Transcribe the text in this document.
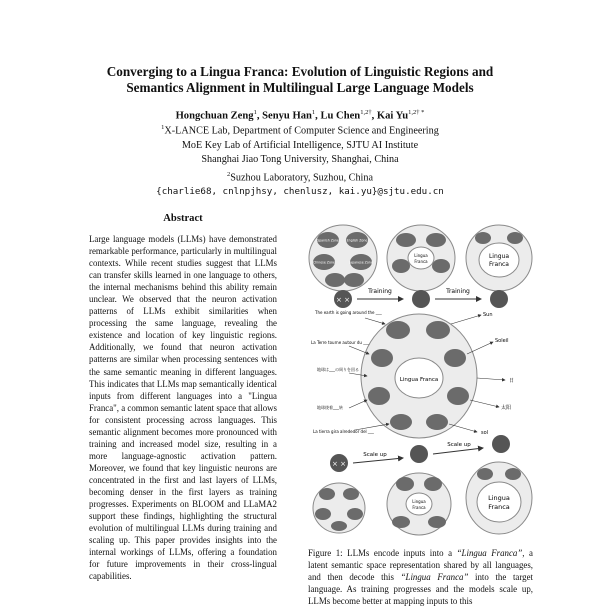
Converging to a Lingua Franca: Evolution of Linguistic Regions and
Semantics Alignment in Multilingual Large Language Models
Hongchuan Zeng$^1$, Senyu Han$^1$, Lu Chen$^{1,2\dagger}$, Kai $Yu^{1,2\dagger *}$
$^1$X-LANCE Lab, Department of Computer Science and Engineering
MoE Key Lab of Artificial Intelligence, SJTU AI Institute
Shanghai Jiao Tong University, Shanghai, China
$^2$Suzhou Laboratory, Suzhou, China
{charlie68, cnlnpjhsy, chenlusz, kai.yu}@sjtu.edu.cn
Abstract
Large language models (LLMs) have demonstrated remarkable performance, particularly in multilingual contexts. While recent studies suggest that LLMs can transfer skills learned in one language to others, the internal mechanisms behind this ability remain unclear. We observed that the neuron activation patterns of LLMs exhibit similarities when processing the same language, revealing the existence and location of key linguistic regions. Additionally, we found that neuron activation patterns are similar when processing sentences with the same semantic meaning in different languages. This indicates that LLMs map semantically identical inputs from different languages into a "Lingua Franca", a common semantic latent space that allows for consistent processing across languages. This semantic alignment becomes more pronounced with training and increased model size, resulting in a more language-agnostic activation pattern. Moreover, we found that key linguistic neurons are concentrated in the first and last layers of LLMs, becoming denser in the first layers as training progresses. Experiments on BLOOM and LLaMA2 support these findings, highlighting the structural evolution of multilingual LLMs during training and scaling up. This paper provides insights into the internal workings of LLMs, offering a foundation for future improvements in their cross-lingual capabilities.
Spanish Zone English Zone
Chinese Zone	Japanese Zone
Lingua
Franca
Lingua
Franca
× ×
Training	Training
Lingua Franca
The earth is going around the ___
La Terre tourne autour du ___
地球は___の周りを回る
地球绕着___转
La tierra gira alrededor del ___
Sun
Soleil
日
太阳
sol
× ×
Scale up
Scale up
Lingua
Franca
Lingua
Franca
Figure 1: LLMs encode inputs into a “Lingua Franca”, a latent semantic space representation shared by all languages, and then decode this “Lingua Franca” into the target language. As training progresses and the models scale up, LLMs become better at mapping inputs to this
